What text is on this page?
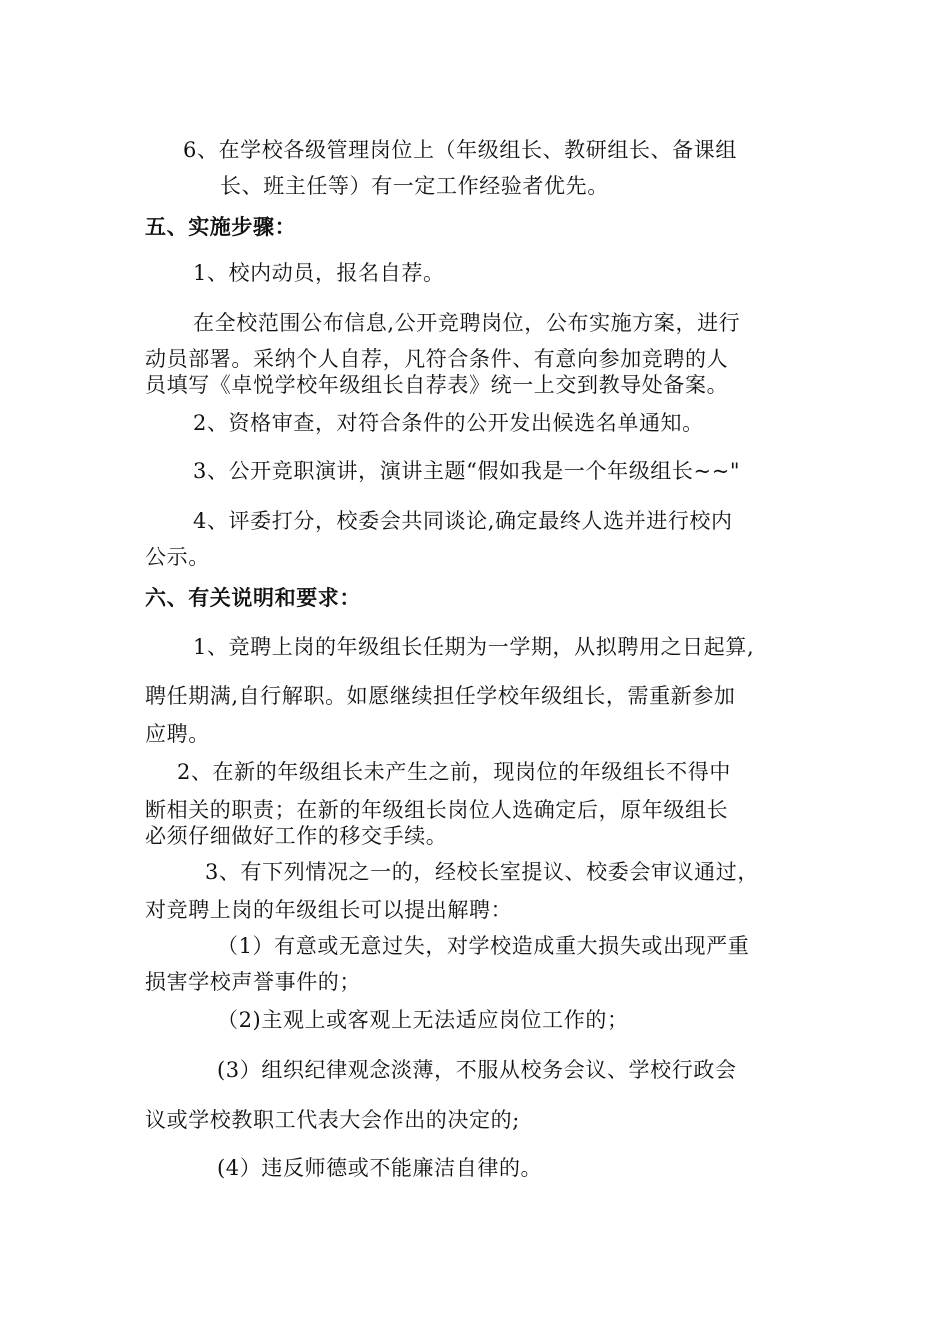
6、在学校各级管理岗位上（年级组长、教研组长、备课组
长、班主任等）有一定工作经验者优先。
五、实施步骤：
1、校内动员，报名自荐。
在全校范围公布信息,公开竞聘岗位，公布实施方案，进行
动员部署。采纳个人自荐，凡符合条件、有意向参加竞聘的人
员填写《卓悦学校年级组长自荐表》统一上交到教导处备案。
2、资格审查，对符合条件的公开发出候选名单通知。
3、公开竞职演讲，演讲主题“假如我是一个年级组长~~"
4、评委打分，校委会共同谈论,确定最终人选并进行校内
公示。
六、有关说明和要求：
1、竞聘上岗的年级组长任期为一学期，从拟聘用之日起算,
聘任期满,自行解职。如愿继续担任学校年级组长，需重新参加
应聘。
2、在新的年级组长未产生之前，现岗位的年级组长不得中
断相关的职责；在新的年级组长岗位人选确定后，原年级组长
必须仔细做好工作的移交手续。
3、有下列情况之一的，经校长室提议、校委会审议通过，
对竞聘上岗的年级组长可以提出解聘：
（1）有意或无意过失，对学校造成重大损失或出现严重
损害学校声誉事件的；
（2)主观上或客观上无法适应岗位工作的；
(3）组织纪律观念淡薄，不服从校务会议、学校行政会
议或学校教职工代表大会作出的决定的;
(4）违反师德或不能廉洁自律的。
